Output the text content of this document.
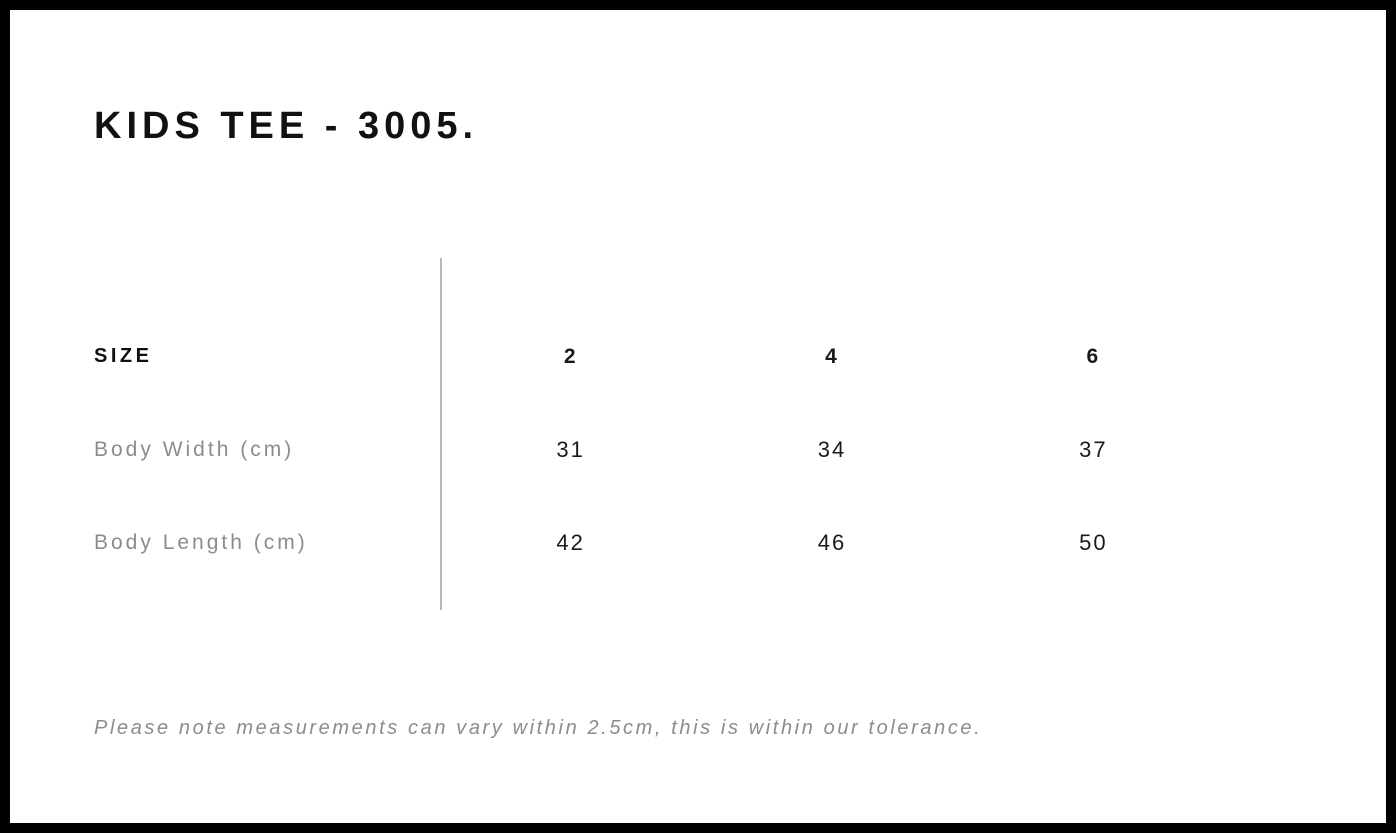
KIDS TEE - 3005.
SIZE	2	4	6
Body Width (cm)	31	34	37
Body Length (cm)	42	46	50
Please note measurements can vary within 2.5cm, this is within our tolerance.
